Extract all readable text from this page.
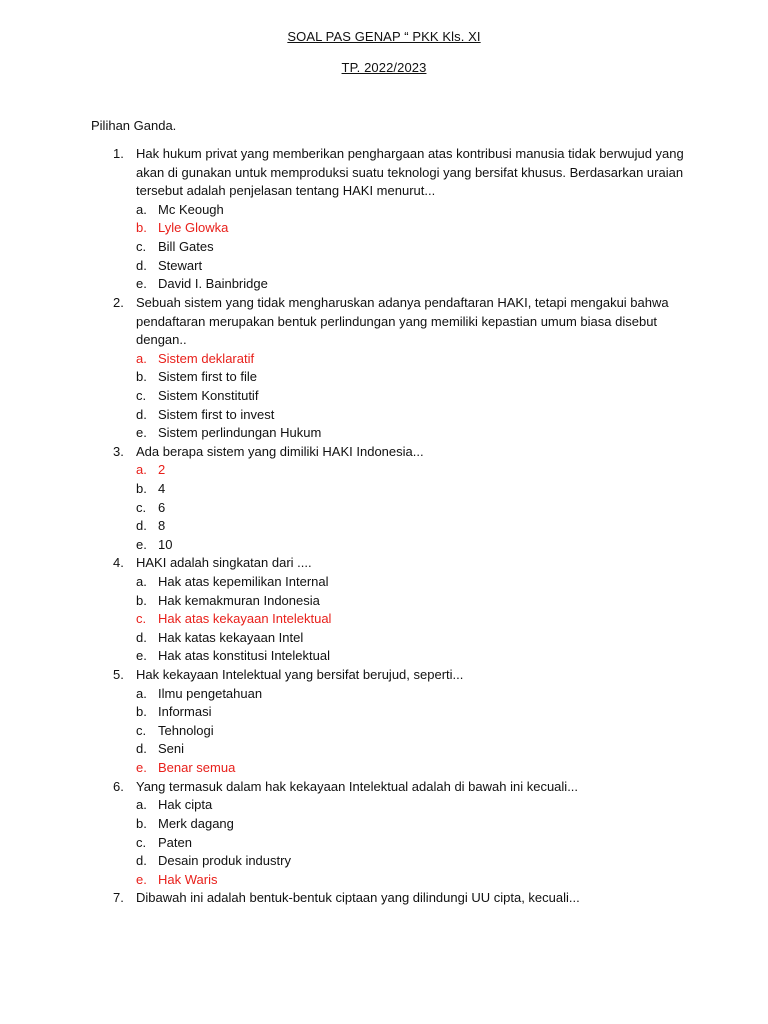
SOAL PAS GENAP “ PKK Kls. XI
TP. 2022/2023
Pilihan Ganda.
1. Hak hukum privat yang memberikan penghargaan atas kontribusi manusia tidak berwujud yang akan di gunakan untuk memproduksi suatu teknologi yang bersifat khusus. Berdasarkan uraian tersebut adalah penjelasan tentang HAKI menurut...
a. Mc Keough
b. Lyle Glowka
c. Bill Gates
d. Stewart
e. David I. Bainbridge
2. Sebuah sistem yang tidak mengharuskan adanya pendaftaran HAKI, tetapi mengakui bahwa pendaftaran merupakan bentuk perlindungan yang memiliki kepastian umum biasa disebut dengan..
a. Sistem deklaratif
b. Sistem first to file
c. Sistem Konstitutif
d. Sistem first to invest
e. Sistem perlindungan Hukum
3. Ada berapa sistem yang dimiliki HAKI Indonesia...
a. 2
b. 4
c. 6
d. 8
e. 10
4. HAKI adalah singkatan dari ....
a. Hak atas kepemilikan Internal
b. Hak kemakmuran Indonesia
c. Hak atas kekayaan Intelektual
d. Hak katas kekayaan Intel
e. Hak atas konstitusi Intelektual
5. Hak kekayaan Intelektual yang bersifat berujud, seperti...
a. Ilmu pengetahuan
b. Informasi
c. Tehnologi
d. Seni
e. Benar semua
6. Yang termasuk dalam hak kekayaan Intelektual adalah di bawah ini kecuali...
a. Hak cipta
b. Merk dagang
c. Paten
d. Desain produk industry
e. Hak Waris
7. Dibawah ini adalah bentuk-bentuk ciptaan yang dilindungi UU cipta, kecuali...
